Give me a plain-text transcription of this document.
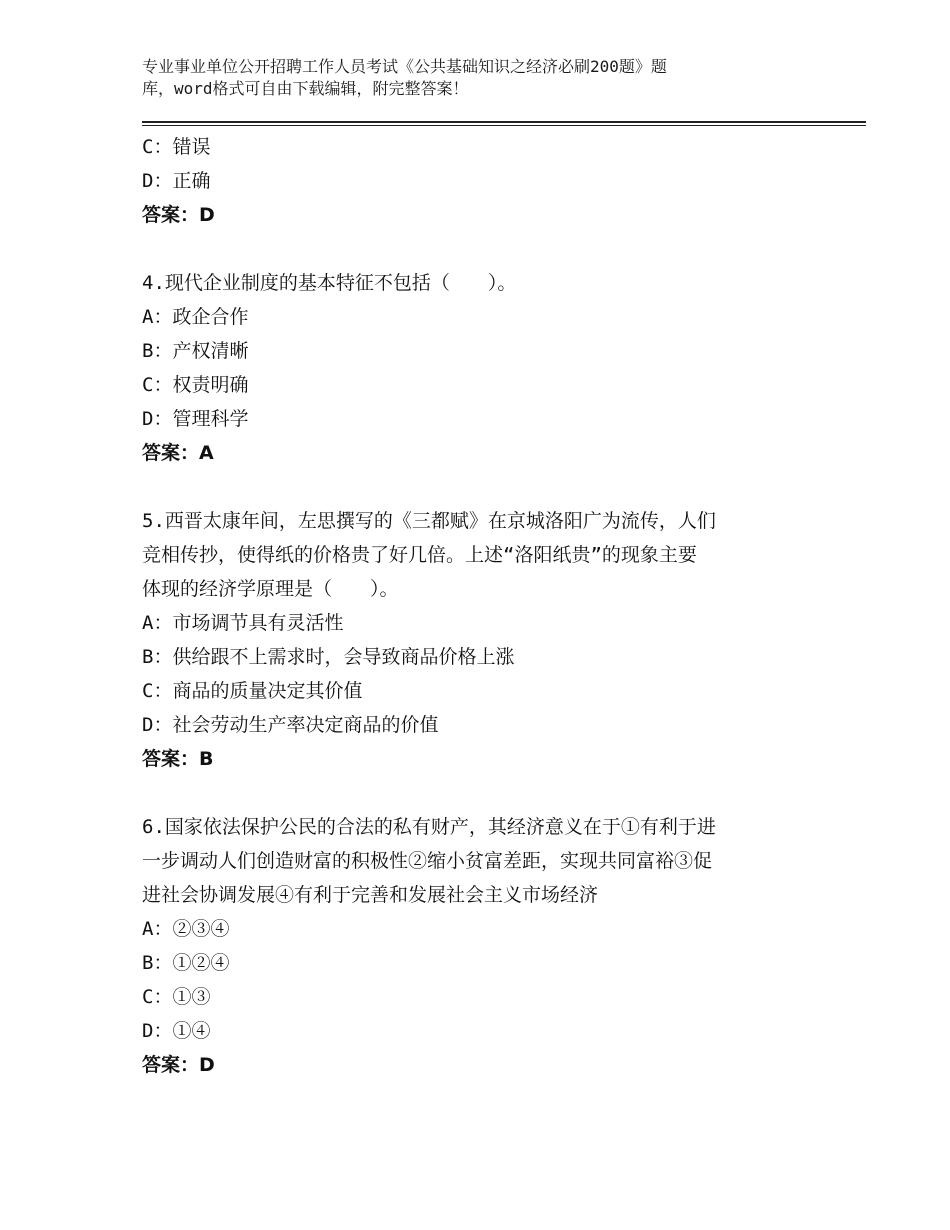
专业事业单位公开招聘工作人员考试《公共基础知识之经济必刷200题》题
库，word格式可自由下载编辑，附完整答案！
C：错误
D：正确
答案：D
4.现代企业制度的基本特征不包括（　　）。
A：政企合作
B：产权清晰
C：权责明确
D：管理科学
答案：A
5.西晋太康年间，左思撰写的《三都赋》在京城洛阳广为流传，人们
竞相传抄，使得纸的价格贵了好几倍。上述“洛阳纸贵”的现象主要
体现的经济学原理是（　　）。
A：市场调节具有灵活性
B：供给跟不上需求时，会导致商品价格上涨
C：商品的质量决定其价值
D：社会劳动生产率决定商品的价值
答案：B
6.国家依法保护公民的合法的私有财产，其经济意义在于①有利于进
一步调动人们创造财富的积极性②缩小贫富差距，实现共同富裕③促
进社会协调发展④有利于完善和发展社会主义市场经济
A：②③④
B：①②④
C：①③
D：①④
答案：D
